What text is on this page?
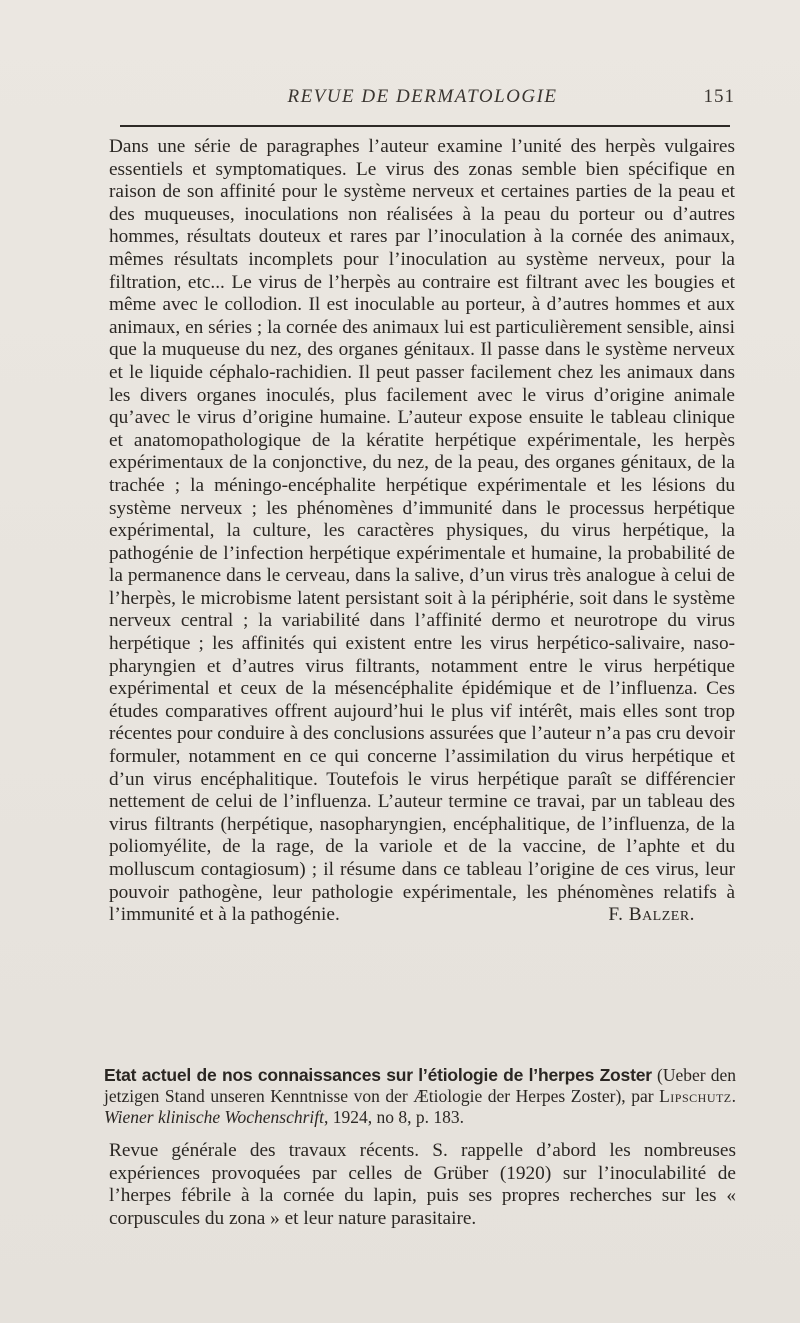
REVUE DE DERMATOLOGIE	151

Dans une série de paragraphes l’auteur examine l’unité des herpès vulgaires essentiels et symptomatiques. Le virus des zonas semble bien spécifique en raison de son affinité pour le système nerveux et certaines parties de la peau et des muqueuses, inoculations non réalisées à la peau du porteur ou d’autres hommes, résultats douteux et rares par l’inoculation à la cornée des animaux, mêmes résultats incomplets pour l’inoculation au système nerveux, pour la filtration, etc... Le virus de l’herpès au contraire est filtrant avec les bougies et même avec le collodion. Il est inoculable au porteur, à d’autres hommes et aux animaux, en séries ; la cornée des animaux lui est particulièrement sensible, ainsi que la muqueuse du nez, des organes génitaux. Il passe dans le système nerveux et le liquide céphalo-rachidien. Il peut passer facilement chez les animaux dans les divers organes inoculés, plus facilement avec le virus d’origine animale qu’avec le virus d’origine humaine. L’auteur expose ensuite le tableau clinique et anatomopathologique de la kératite herpétique expérimentale, les herpès expérimentaux de la conjonctive, du nez, de la peau, des organes génitaux, de la trachée ; la méningo-encéphalite herpétique expérimentale et les lésions du système nerveux ; les phénomènes d’immunité dans le processus herpétique expérimental, la culture, les caractères physiques, du virus herpétique, la pathogénie de l’infection herpétique expérimentale et humaine, la probabilité de la permanence dans le cerveau, dans la salive, d’un virus très analogue à celui de l’herpès, le microbisme latent persistant soit à la périphérie, soit dans le système nerveux central ; la variabilité dans l’affinité dermo et neurotrope du virus herpétique ; les affinités qui existent entre les virus herpético-salivaire, naso-pharyngien et d’autres virus filtrants, notamment entre le virus herpétique expérimental et ceux de la mésencéphalite épidémique et de l’influenza. Ces études comparatives offrent aujourd’hui le plus vif intérêt, mais elles sont trop récentes pour conduire à des conclusions assurées que l’auteur n’a pas cru devoir formuler, notamment en ce qui concerne l’assimilation du virus herpétique et d’un virus encéphalitique. Toutefois le virus herpétique paraît se différencier nettement de celui de l’influenza. L’auteur termine ce travai, par un tableau des virus filtrants (herpétique, nasopharyngien, encéphalitique, de l’influenza, de la poliomyélite, de la rage, de la variole et de la vaccine, de l’aphte et du molluscum contagiosum) ; il résume dans ce tableau l’origine de ces virus, leur pouvoir pathogène, leur pathologie expérimentale, les phénomènes relatifs à l’immunité et à la pathogénie.	F. Balzer.
Etat actuel de nos connaissances sur l’étiologie de l’herpes Zoster (Ueber den jetzigen Stand unseren Kenntnisse von der Ætiologie der Herpes Zoster), par Lipschutz. Wiener klinische Wochenschrift, 1924, no 8, p. 183.

Revue générale des travaux récents. S. rappelle d’abord les nombreuses expériences provoquées par celles de Grüber (1920) sur l’inoculabilité de l’herpes fébrile à la cornée du lapin, puis ses propres recherches sur les « corpuscules du zona » et leur nature parasitaire.
